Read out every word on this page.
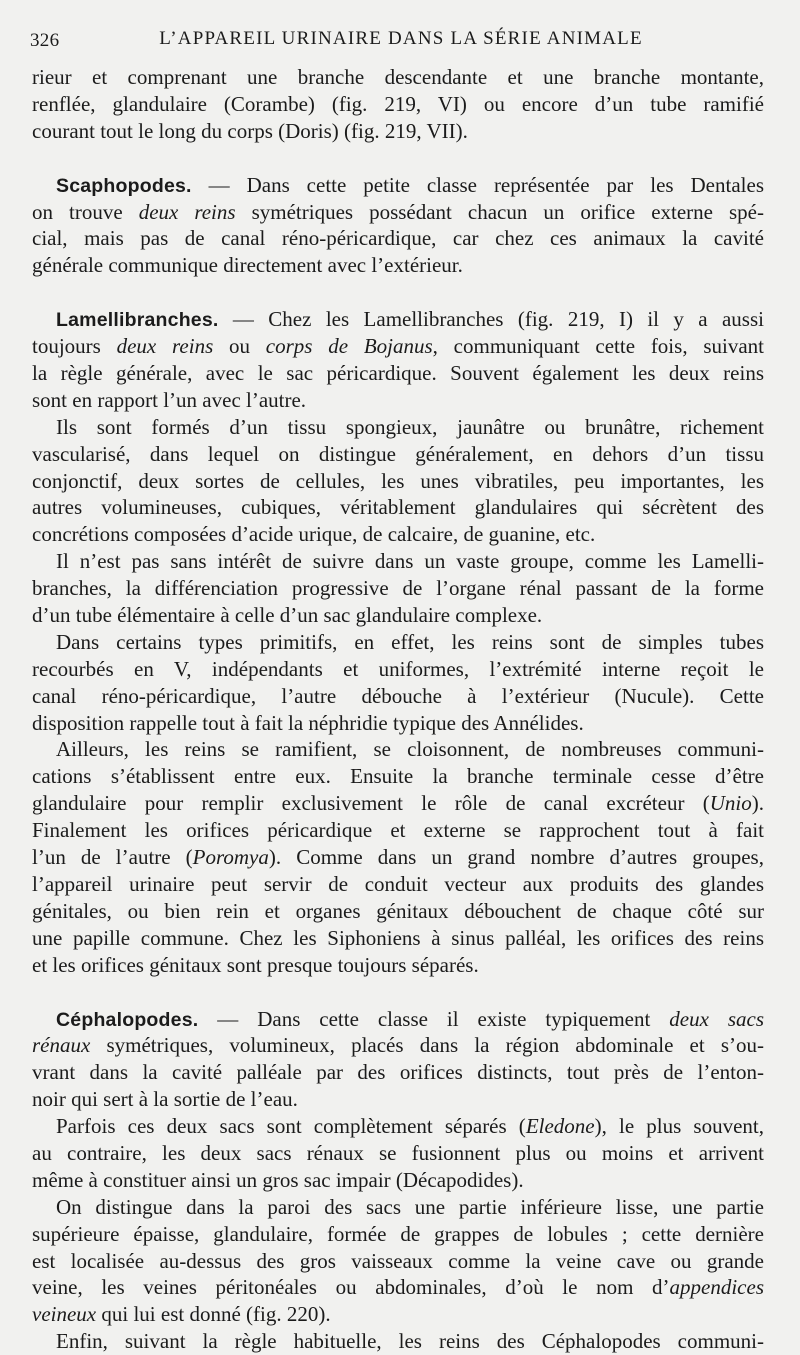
326	L’APPAREIL URINAIRE DANS LA SÉRIE ANIMALE
rieur et comprenant une branche descendante et une branche montante,
renflée, glandulaire (Corambe) (fig. 219, VI) ou encore d’un tube ramifié
courant tout le long du corps (Doris) (fig. 219, VII).
Scaphopodes. — Dans cette petite classe représentée par les Dentales
on trouve deux reins symétriques possédant chacun un orifice externe spé-
cial, mais pas de canal réno-péricardique, car chez ces animaux la cavité
générale communique directement avec l’extérieur.
Lamellibranches. — Chez les Lamellibranches (fig. 219, I) il y a aussi
toujours deux reins ou corps de Bojanus, communiquant cette fois, suivant
la règle générale, avec le sac péricardique. Souvent également les deux reins
sont en rapport l’un avec l’autre.
Ils sont formés d’un tissu spongieux, jaunâtre ou brunâtre, richement
vascularisé, dans lequel on distingue généralement, en dehors d’un tissu
conjonctif, deux sortes de cellules, les unes vibratiles, peu importantes, les
autres volumineuses, cubiques, véritablement glandulaires qui sécrètent des
concrétions composées d’acide urique, de calcaire, de guanine, etc.
Il n’est pas sans intérêt de suivre dans un vaste groupe, comme les Lamelli-
branches, la différenciation progressive de l’organe rénal passant de la forme
d’un tube élémentaire à celle d’un sac glandulaire complexe.
Dans certains types primitifs, en effet, les reins sont de simples tubes
recourbés en V, indépendants et uniformes, l’extrémité interne reçoit le
canal réno-péricardique, l’autre débouche à l’extérieur (Nucule). Cette
disposition rappelle tout à fait la néphridie typique des Annélides.
Ailleurs, les reins se ramifient, se cloisonnent, de nombreuses communi-
cations s’établissent entre eux. Ensuite la branche terminale cesse d’être
glandulaire pour remplir exclusivement le rôle de canal excréteur (Unio).
Finalement les orifices péricardique et externe se rapprochent tout à fait
l’un de l’autre (Poromya). Comme dans un grand nombre d’autres groupes,
l’appareil urinaire peut servir de conduit vecteur aux produits des glandes
génitales, ou bien rein et organes génitaux débouchent de chaque côté sur
une papille commune. Chez les Siphoniens à sinus palléal, les orifices des reins
et les orifices génitaux sont presque toujours séparés.
Céphalopodes. — Dans cette classe il existe typiquement deux sacs
rénaux symétriques, volumineux, placés dans la région abdominale et s’ou-
vrant dans la cavité palléale par des orifices distincts, tout près de l’enton-
noir qui sert à la sortie de l’eau.
Parfois ces deux sacs sont complètement séparés (Eledone), le plus souvent,
au contraire, les deux sacs rénaux se fusionnent plus ou moins et arrivent
même à constituer ainsi un gros sac impair (Décapodides).
On distingue dans la paroi des sacs une partie inférieure lisse, une partie
supérieure épaisse, glandulaire, formée de grappes de lobules ; cette dernière
est localisée au-dessus des gros vaisseaux comme la veine cave ou grande
veine, les veines péritonéales ou abdominales, d’où le nom d’appendices
veineux qui lui est donné (fig. 220).
Enfin, suivant la règle habituelle, les reins des Céphalopodes communi-
